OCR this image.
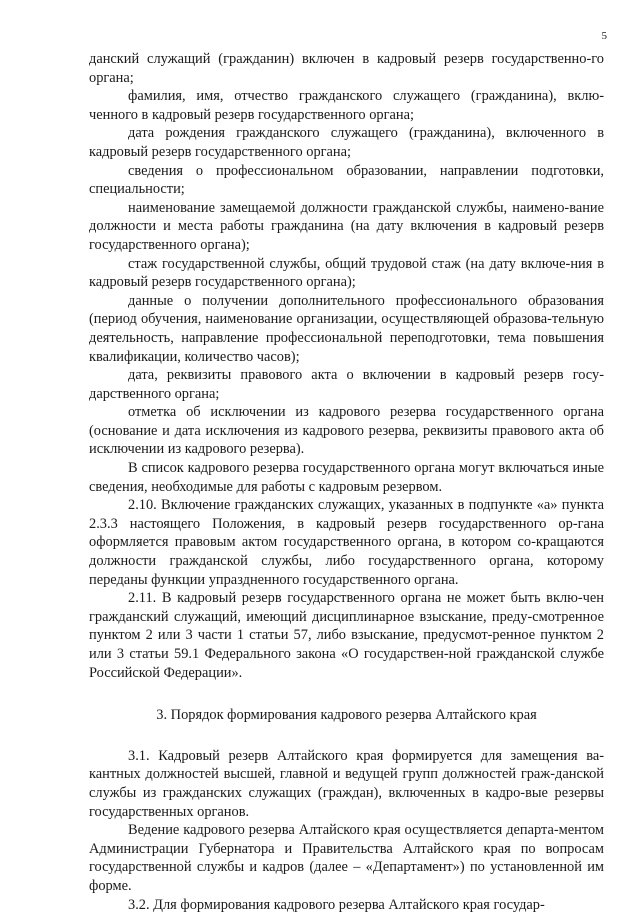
5

данский служащий (гражданин) включен в кадровый резерв государственно-го органа;

фамилия, имя, отчество гражданского служащего (гражданина), вклю-ченного в кадровый резерв государственного органа;

дата рождения гражданского служащего (гражданина), включенного в кадровый резерв государственного органа;

сведения о профессиональном образовании, направлении подготовки, специальности;

наименование замещаемой должности гражданской службы, наимено-вание должности и места работы гражданина (на дату включения в кадровый резерв государственного органа);

стаж государственной службы, общий трудовой стаж (на дату включе-ния в кадровый резерв государственного органа);

данные о получении дополнительного профессионального образования (период обучения, наименование организации, осуществляющей образова-тельную деятельность, направление профессиональной переподготовки, тема повышения квалификации, количество часов);

дата, реквизиты правового акта о включении в кадровый резерв госу-дарственного органа;

отметка об исключении из кадрового резерва государственного органа (основание и дата исключения из кадрового резерва, реквизиты правового акта об исключении из кадрового резерва).

В список кадрового резерва государственного органа могут включаться иные сведения, необходимые для работы с кадровым резервом.

2.10. Включение гражданских служащих, указанных в подпункте «а» пункта 2.3.3 настоящего Положения, в кадровый резерв государственного ор-гана оформляется правовым актом государственного органа, в котором со-кращаются должности гражданской службы, либо государственного органа, которому переданы функции упраздненного государственного органа.

2.11. В кадровый резерв государственного органа не может быть вклю-чен гражданский служащий, имеющий дисциплинарное взыскание, преду-смотренное пунктом 2 или 3 части 1 статьи 57, либо взыскание, предусмот-ренное пунктом 2 или 3 статьи 59.1 Федерального закона «О государствен-ной гражданской службе Российской Федерации».

3. Порядок формирования кадрового резерва Алтайского края

3.1. Кадровый резерв Алтайского края формируется для замещения ва-кантных должностей высшей, главной и ведущей групп должностей граж-данской службы из гражданских служащих (граждан), включенных в кадро-вые резервы государственных органов.

Ведение кадрового резерва Алтайского края осуществляется департа-ментом Администрации Губернатора и Правительства Алтайского края по вопросам государственной службы и кадров (далее – «Департамент») по установленной им форме.

3.2. Для формирования кадрового резерва Алтайского края государ-
